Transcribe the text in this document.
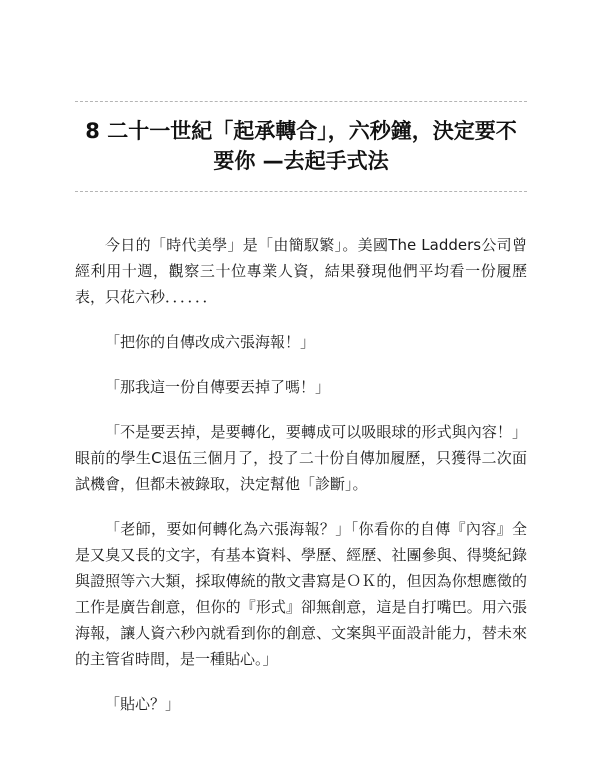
8 二十一世紀「起承轉合」，六秒鐘，決定要不要你 —去起手式法

今日的「時代美學」是「由簡馭繁」。美國The Ladders公司曾經利用十週，觀察三十位專業人資，結果發現他們平均看一份履歷表，只花六秒．．．．．．

「把你的自傳改成六張海報！」

「那我這一份自傳要丟掉了嗎！」

「不是要丟掉，是要轉化，要轉成可以吸眼球的形式與內容！」眼前的學生C退伍三個月了，投了二十份自傳加履歷，只獲得二次面試機會，但都未被錄取，決定幫他「診斷」。

「老師，要如何轉化為六張海報？」「你看你的自傳『內容』全是又臭又長的文字，有基本資料、學歷、經歷、社團參與、得獎紀錄與證照等六大類，採取傳統的散文書寫是ＯＫ的，但因為你想應徵的工作是廣告創意，但你的『形式』卻無創意，這是自打嘴巴。用六張海報，讓人資六秒內就看到你的創意、文案與平面設計能力，替未來的主管省時間，是一種貼心。」

「貼心？」
